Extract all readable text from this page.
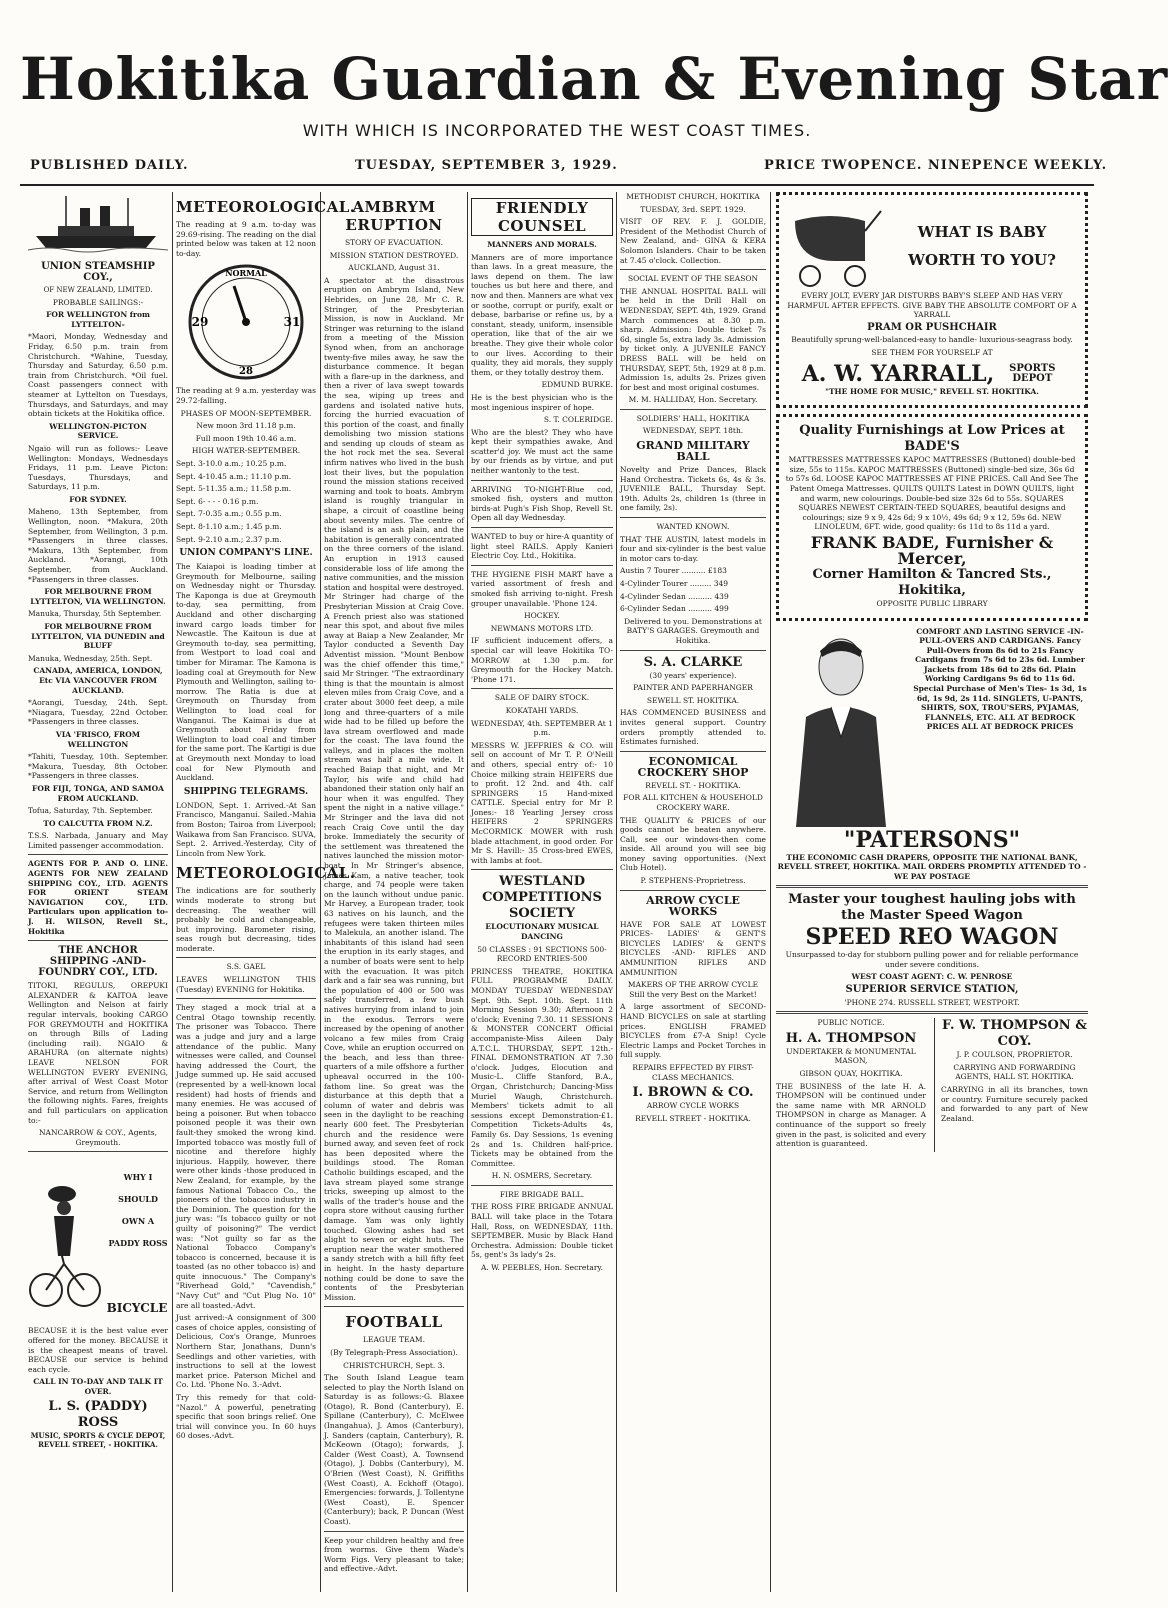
Hokitika Guardian & Evening Star
WITH WHICH IS INCORPORATED THE WEST COAST TIMES.
PUBLISHED DAILY.	TUESDAY, SEPTEMBER 3, 1929.	PRICE TWOPENCE. NINEPENCE WEEKLY.
UNION STEAMSHIP COY.,

OF NEW ZEALAND, LIMITED.

PROBABLE SAILINGS:-

FOR WELLINGTON from LYTTELTON-

*Maori, Monday, Wednesday and Friday, 6.50 p.m. train from Christchurch. *Wahine, Tuesday, Thursday and Saturday, 6.50 p.m. train from Christchurch. *Oil fuel. Coast passengers connect with steamer at Lyttelton on Tuesdays, Thursdays, and Saturdays, and may obtain tickets at the Hokitika office.

WELLINGTON-PICTON SERVICE.

Ngaio will run as follows:- Leave Wellington: Mondays, Wednesdays Fridays, 11 p.m. Leave Picton: Tuesdays, Thursdays, and Saturdays, 11 p.m.

FOR SYDNEY.

Maheno, 13th September, from Wellington, noon. *Makura, 20th September, from Wellington, 3 p.m. *Passengers in three classes. *Makura, 13th September, from Auckland. *Aorangi, 10th September, from Auckland. *Passengers in three classes.

FOR MELBOURNE FROM LYTTELTON, VIA WELLINGTON.

Manuka, Thursday, 5th September.

FOR MELBOURNE FROM LYTTELTON, VIA DUNEDIN and BLUFF

Manuka, Wednesday, 25th. Sept.

CANADA, AMERICA, LONDON, Etc VIA VANCOUVER FROM AUCKLAND.

*Aorangi, Tuesday, 24th. Sept. *Niagara, Tuesday, 22nd October. *Passengers in three classes.

VIA 'FRISCO, FROM WELLINGTON

*Tahiti, Tuesday, 10th. September. *Makura, Tuesday, 8th October. *Passengers in three classes.

FOR FIJI, TONGA, AND SAMOA FROM AUCKLAND.

Tofua, Saturday, 7th. September.

TO CALCUTTA FROM N.Z.

T.S.S. Narbada, January and May Limited passenger accommodation.

AGENTS FOR P. AND O. LINE. AGENTS FOR NEW ZEALAND SHIPPING COY., LTD. AGENTS FOR ORIENT STEAM NAVIGATION COY., LTD. Particulars upon application to- J. H. WILSON, Revell St., Hokitika

THE ANCHOR SHIPPING -AND- FOUNDRY COY., LTD.

TITOKI, REGULUS, OREPUKI ALEXANDER & KAITOA leave Wellington and Nelson at fairly regular intervals, booking CARGO FOR GREYMOUTH and HOKITIKA on through Bills of Lading (including rail). NGAIO & ARAHURA (on alternate nights) LEAVE NELSON FOR WELLINGTON EVERY EVENING, after arrival of West Coast Motor Service, and return from Wellington the following nights. Fares, freights and full particulars on application to:-

NANCARROW & COY., Agents, Greymouth.

WHY I SHOULD OWN A PADDY ROSS
BICYCLE

BECAUSE it is the best value ever offered for the money. BECAUSE it is the cheapest means of travel. BECAUSE our service is behind each cycle.

CALL IN TO-DAY AND TALK IT OVER.

L. S. (PADDY) ROSS

MUSIC, SPORTS & CYCLE DEPOT, REVELL STREET, - HOKITIKA.

METEOROLOGICAL.

The reading at 9 a.m. to-day was 29.69-rising. The reading on the dial printed below was taken at 12 noon to-day.

NORMAL
29	31
28

The reading at 9 a.m. yesterday was 29.72-falling.

PHASES OF MOON-SEPTEMBER.

New moon 3rd 11.18 p.m.

Full moon 19th 10.46 a.m.

HIGH WATER-SEPTEMBER.

Sept. 3-10.0 a.m.; 10.25 p.m.

Sept. 4-10.45 a.m.; 11.10 p.m.

Sept. 5-11.35 a.m.; 11.58 p.m.

Sept. 6- - - - 0.16 p.m.

Sept. 7-0.35 a.m.; 0.55 p.m.

Sept. 8-1.10 a.m.; 1.45 p.m.

Sept. 9-2.10 a.m.; 2.37 p.m.

UNION COMPANY'S LINE.

The Kaiapoi is loading timber at Greymouth for Melbourne, sailing on Wednesday night or Thursday. The Kaponga is due at Greymouth to-day, sea permitting, from Auckland and other discharging inward cargo loads timber for Newcastle. The Kaitoun is due at Greymouth to-day, sea permitting, from Westport to load coal and timber for Miramar. The Kamona is loading coal at Greymouth for New Plymouth and Wellington, sailing to-morrow. The Ratia is due at Greymouth on Thursday from Wellington to load coal for Wanganui. The Kaimai is due at Greymouth about Friday from Wellington to load coal and timber for the same port. The Kartigi is due at Greymouth next Monday to load coal for New Plymouth and Auckland.

SHIPPING TELEGRAMS.

LONDON, Sept. 1. Arrived.-At San Francisco, Manganui. Sailed.-Mahia from Boston; Tairoa from Liverpool; Waikawa from San Francisco. SUVA, Sept. 2. Arrived.-Yesterday, City of Lincoln from New York.

METEOROLOGICAL.

The indications are for southerly winds moderate to strong but decreasing. The weather will probably be cold and changeable, but improving. Barometer rising, seas rough but decreasing, tides moderate.

S.S. GAEL

LEAVES WELLINGTON THIS (Tuesday) EVENING for Hokitika.

They staged a mock trial at a Central Otago township recently. The prisoner was Tobacco. There was a judge and jury and a large attendance of the public. Many witnesses were called, and Counsel having addressed the Court, the Judge summed up. He said accused (represented by a well-known local resident) had hosts of friends and many enemies. He was accused of being a poisoner. But when tobacco poisoned people it was their own fault-they smoked the wrong kind. Imported tobacco was mostly full of nicotine and therefore highly injurious. Happily, however, there were other kinds -those produced in New Zealand, for example, by the famous National Tobacco Co., the pioneers of the tobacco industry in the Dominion. The question for the jury was: "Is tobacco guilty or not guilty of poisoning?" The verdict was: "Not guilty so far as the National Tobacco Company's tobacco is concerned, because it is toasted (as no other tobacco is) and quite innocuous." The Company's "Riverhead Gold," "Cavendish," "Navy Cut" and "Cut Plug No. 10" are all toasted.-Advt.

Just arrived:-A consignment of 300 cases of choice apples, consisting of Delicious, Cox's Orange, Munroes Northern Star, Jonathans, Dunn's Seedlings and other varieties, with instructions to sell at the lowest market price. Paterson Michel and Co. Ltd. 'Phone No. 3.-Advt.

Try this remedy for that cold-"Nazol." A powerful, penetrating specific that soon brings relief. One trial will convince you. In 60 huys 60 doses.-Advt.

AMBRYM ERUPTION

STORY OF EVACUATION.

MISSION STATION DESTROYED.

AUCKLAND, August 31.

A spectator at the disastrous eruption on Ambrym Island, New Hebrides, on June 28, Mr C. R. Stringer, of the Presbyterian Mission, is now in Auckland. Mr Stringer was returning to the island from a meeting of the Mission Synod when, from an anchorage twenty-five miles away, he saw the disturbance commence. It began with a flare-up in the darkness, and then a river of lava swept towards the sea, wiping up trees and gardens and isolated native huts, forcing the hurried evacuation of this portion of the coast, and finally demolishing two mission stations and sending up clouds of steam as the hot rock met the sea. Several infirm natives who lived in the bush lost their lives, but the population round the mission stations received warning and took to boats. Ambrym island is roughly triangular in shape, a circuit of coastline being about seventy miles. The centre of the island is an ash plain, and the habitation is generally concentrated on the three corners of the island. An eruption in 1913 caused considerable loss of life among the native communities, and the mission station and hospital were destroyed. Mr Stringer had charge of the Presbyterian Mission at Craig Cove. A French priest also was stationed near this spot, and about five miles away at Baiap a New Zealander, Mr Taylor conducted a Seventh Day Adventist mission. "Mount Benbow was the chief offender this time," said Mr Stringer. "The extraordinary thing is that the mountain is almost eleven miles from Craig Cove, and a crater about 3000 feet deep, a mile long and three-quarters of a mile wide had to be filled up before the lava stream overflowed and made for the coast. The lava found the valleys, and in places the molten stream was half a mile wide. It reached Baiap that night, and Mr Taylor, his wife and child had abandoned their station only half an hour when it was engulfed. They spent the night in a native village." Mr Stringer and the lava did not reach Craig Cove until the day broke. Immediately the security of the settlement was threatened the natives launched the mission motor-boat. In Mr Stringer's absence, James Kam, a native teacher, took charge, and 74 people were taken on the launch without undue panic. Mr Harvey, a European trader, took 63 natives on his launch, and the refugees were taken thirteen miles to Malekula, an another island. The inhabitants of this island had seen the eruption in its early stages, and a number of boats were sent to help with the evacuation. It was pitch dark and a fair sea was running, but the population of 400 or 500 was safely transferred, a few bush natives hurrying from inland to join in the exodus. Terrors were increased by the opening of another volcano a few miles from Craig Cove, while an eruption occurred on the beach, and less than three-quarters of a mile offshore a further upheaval occurred in the 100-fathom line. So great was the disturbance at this depth that a column of water and debris was seen in the daylight to be reaching nearly 600 feet. The Presbyterian church and the residence were burned away, and seven feet of rock has been deposited where the buildings stood. The Roman Catholic buildings escaped, and the lava stream played some strange tricks, sweeping up almost to the walls of the trader's house and the copra store without causing further damage. Yam was only lightly touched. Glowing ashes had set alight to seven or eight huts. The eruption near the water smothered a sandy stretch with a hill fifty feet in height. In the hasty departure nothing could be done to save the contents of the Presbyterian Mission.

FOOTBALL

LEAGUE TEAM.

(By Telegraph-Press Association).

CHRISTCHURCH, Sept. 3.

The South Island League team selected to play the North Island on Saturday is as follows:-G. Blaxee (Otago), R. Bond (Canterbury), E. Spillane (Canterbury), C. McElwee (Inangahua), J. Amos (Canterbury), J. Sanders (captain, Canterbury), R. McKeown (Otago); forwards, J. Calder (West Coast), A. Townsend (Otago), J. Dobbs (Canterbury), M. O'Brien (West Coast), N. Griffiths (West Coast), A. Eckhoff (Otago). Emergencies: forwards, J. Tollentyne (West Coast), E. Spencer (Canterbury); back, P. Duncan (West Coast).

Keep your children healthy and free from worms. Give them Wade's Worm Figs. Very pleasant to take; and effective.-Advt.

FRIENDLY COUNSEL

MANNERS AND MORALS.

Manners are of more importance than laws. In a great measure, the laws depend on them. The law touches us but here and there, and now and then. Manners are what vex or soothe, corrupt or purify, exalt or debase, barbarise or refine us, by a constant, steady, uniform, insensible operation, like that of the air we breathe. They give their whole color to our lives. According to their quality, they aid morals, they supply them, or they totally destroy them.

EDMUND BURKE.

He is the best physician who is the most ingenious inspirer of hope.

S. T. COLERIDGE.

Who are the blest? They who have kept their sympathies awake, And scatter'd joy. We must act the same by our friends as by virtue, and put neither wantonly to the test.

ARRIVING TO-NIGHT-Blue cod, smoked fish, oysters and mutton birds-at Pugh's Fish Shop, Revell St. Open all day Wednesday.

WANTED to buy or hire-A quantity of light steel RAILS. Apply Kanieri Electric Coy. Ltd., Hokitika.

THE HYGIENE FISH MART have a varied assortment of fresh and smoked fish arriving to-night. Fresh grouper unavailable. 'Phone 124.

HOCKEY.

NEWMANS MOTORS LTD.

IF sufficient inducement offers, a special car will leave Hokitika TO-MORROW at 1.30 p.m. for Greymouth for the Hockey Match. 'Phone 171.

SALE OF DAIRY STOCK.

KOKATAHI YARDS.

WEDNESDAY, 4th. SEPTEMBER At 1 p.m.

MESSRS W. JEFFRIES & CO. will sell on account of Mr T. P. O'Neill and others, special entry of:- 10 Choice milking strain HEIFERS due to profit. 12 2nd. and 4th. calf SPRINGERS 15 Hand-mixed CATTLE. Special entry for Mr P. Jones:- 18 Yearling Jersey cross HEIFERS 2 SPRINGERS McCORMICK MOWER with rush blade attachment, in good order. For Mr S. Havill:- 35 Cross-bred EWES, with lambs at foot.

WESTLAND COMPETITIONS SOCIETY

ELOCUTIONARY MUSICAL DANCING

50 CLASSES : 91 SECTIONS 500-RECORD ENTRIES-500

PRINCESS THEATRE, HOKITIKA FULL PROGRAMME DAILY. MONDAY TUESDAY WEDNESDAY Sept. 9th. Sept. 10th. Sept. 11th Morning Session 9.30; Afternoon 2 o'clock; Evening 7.30. 11 SESSIONS & MONSTER CONCERT Official accompaniste-Miss Aileen Daly A.T.C.L. THURSDAY, SEPT. 12th.-FINAL DEMONSTRATION AT 7.30 o'clock. Judges, Elocution and Music-L. Cliffe Stanford, B.A., Organ, Christchurch; Dancing-Miss Muriel Waugh, Christchurch. Members' tickets admit to all sessions except Demonstration-£1. Competition Tickets-Adults 4s, Family 6s. Day Sessions, 1s evening 2s and 1s. Children half-price. Tickets may be obtained from the Committee.

H. N. OSMERS, Secretary.

FIRE BRIGADE BALL.

THE ROSS FIRE BRIGADE ANNUAL BALL will take place in the Totara Hall, Ross, on WEDNESDAY, 11th. SEPTEMBER. Music by Black Hand Orchestra. Admission: Double ticket 5s, gent's 3s lady's 2s.

A. W. PEEBLES, Hon. Secretary.

METHODIST CHURCH, HOKITIKA

TUESDAY, 3rd. SEPT. 1929.

VISIT OF REV. F. J. GOLDIE, President of the Methodist Church of New Zealand, and- GINA & KERA Solomon Islanders. Chair to be taken at 7.45 o'clock. Collection.

SOCIAL EVENT OF THE SEASON

THE ANNUAL HOSPITAL BALL will be held in the Drill Hall on WEDNESDAY, SEPT. 4th, 1929. Grand March commences at 8.30 p.m. sharp. Admission: Double ticket 7s 6d, single 5s, extra lady 3s. Admission by ticket only. A JUVENILE FANCY DRESS BALL will be held on THURSDAY, SEPT. 5th, 1929 at 8 p.m. Admission 1s, adults 2s. Prizes given for best and most original costumes.

M. M. HALLIDAY, Hon. Secretary.

SOLDIERS' HALL, HOKITIKA

WEDNESDAY, SEPT. 18th.

GRAND MILITARY BALL

Novelty and Prize Dances, Black Hand Orchestra. Tickets 6s, 4s & 3s. JUVENILE BALL, Thursday Sept. 19th. Adults 2s, children 1s (three in one family, 2s).

WANTED KNOWN.

THAT THE AUSTIN, latest models in four and six-cylinder is the best value in motor cars to-day.

Austin 7 Tourer .......... £183

4-Cylinder Tourer ......... 349

4-Cylinder Sedan .......... 439

6-Cylinder Sedan .......... 499

Delivered to you. Demonstrations at BATY'S GARAGES. Greymouth and Hokitika.

S. A. CLARKE

(30 years' experience).

PAINTER AND PAPERHANGER

SEWELL ST. HOKITIKA.

HAS COMMENCED BUSINESS and invites general support. Country orders promptly attended to. Estimates furnished.

ECONOMICAL CROCKERY SHOP

REVELL ST. - HOKITIKA.

FOR ALL KITCHEN & HOUSEHOLD CROCKERY WARE.

THE QUALITY & PRICES of our goods cannot be beaten anywhere. Call, see our windows-then come inside. All around you will see big money saving opportunities. (Next Club Hotel).

P. STEPHENS-Proprietress.

ARROW CYCLE WORKS

HAVE FOR SALE AT LOWEST PRICES- LADIES' & GENT'S BICYCLES LADIES' & GENT'S BICYCLES -AND- RIFLES AND AMMUNITION RIFLES AND AMMUNITION

MAKERS OF THE ARROW CYCLE Still the very Best on the Market!

A large assortment of SECOND-HAND BICYCLES on sale at startling prices. ENGLISH FRAMED BICYCLES from £7-A Snip! Cycle Electric Lamps and Pocket Torches in full supply.

REPAIRS EFFECTED BY FIRST-CLASS MECHANICS.

I. BROWN & CO.

ARROW CYCLE WORKS

REVELL STREET - HOKITIKA.

WHAT IS BABY WORTH TO YOU?

EVERY JOLT, EVERY JAR DISTURBS BABY'S SLEEP AND HAS VERY HARMFUL AFTER EFFECTS. GIVE BABY THE ABSOLUTE COMFORT OF A YARRALL

PRAM OR PUSHCHAIR

Beautifully sprung-well-balanced-easy to handle- luxurious-seagrass body.

SEE THEM FOR YOURSELF AT

A. W. YARRALL,	SPORTS DEPOT

"THE HOME FOR MUSIC," REVELL ST. HOKITIKA.

Quality Furnishings at Low Prices at BADE'S

MATTRESSES MATTRESSES KAPOC MATTRESSES (Buttoned) double-bed size, 55s to 115s. KAPOC MATTRESSES (Buttoned) single-bed size, 36s 6d to 57s 6d. LOOSE KAPOC MATTRESSES AT FINE PRICES. Call And See The Patent Omega Mattresses. QUILTS QUILTS Latest in DOWN QUILTS, light and warm, new colourings. Double-bed size 32s 6d to 55s. SQUARES SQUARES NEWEST CERTAIN-TEED SQUARES, beautiful designs and colourings; size 9 x 9, 42s 6d; 9 x 10½, 49s 6d; 9 x 12, 59s 6d. NEW LINOLEUM, 6FT. wide, good quality: 6s 11d to 8s 11d a yard.

FRANK BADE, Furnisher & Mercer,
Corner Hamilton & Tancred Sts., Hokitika,

OPPOSITE PUBLIC LIBRARY

COMFORT AND LASTING SERVICE -IN- PULL-OVERS AND CARDIGANS. Fancy Pull-Overs from 8s 6d to 21s Fancy Cardigans from 7s 6d to 23s 6d. Lumber Jackets from 18s 6d to 28s 6d. Plain Working Cardigans 9s 6d to 11s 6d. Special Purchase of Men's Ties- 1s 3d, 1s 6d, 1s 9d, 2s 11d. SINGLETS, U-PANTS, SHIRTS, SOX, TROU'SERS, PYJAMAS, FLANNELS, ETC. ALL AT BEDROCK PRICES ALL AT BEDROCK PRICES

"PATERSONS"

THE ECONOMIC CASH DRAPERS, OPPOSITE THE NATIONAL BANK, REVELL STREET, HOKITIKA. MAIL ORDERS PROMPTLY ATTENDED TO - WE PAY POSTAGE

Master your toughest hauling jobs with the Master Speed Wagon
SPEED REO WAGON

Unsurpassed to-day for stubborn pulling power and for reliable performance under severe conditions.

WEST COAST AGENT: C. W. PENROSE

SUPERIOR SERVICE STATION,

'PHONE 274. RUSSELL STREET, WESTPORT.

PUBLIC NOTICE.

H. A. THOMPSON

UNDERTAKER & MONUMENTAL MASON,

GIBSON QUAY, HOKITIKA.

THE BUSINESS of the late H. A. THOMPSON will be continued under the same name with MR ARNOLD THOMPSON in charge as Manager. A continuance of the support so freely given in the past, is solicited and every attention is guaranteed.

F. W. THOMPSON & COY.

J. P. COULSON, PROPRIETOR.

CARRYING AND FORWARDING AGENTS, HALL ST. HOKITIKA.

CARRYING in all its branches, town or country. Furniture securely packed and forwarded to any part of New Zealand.
